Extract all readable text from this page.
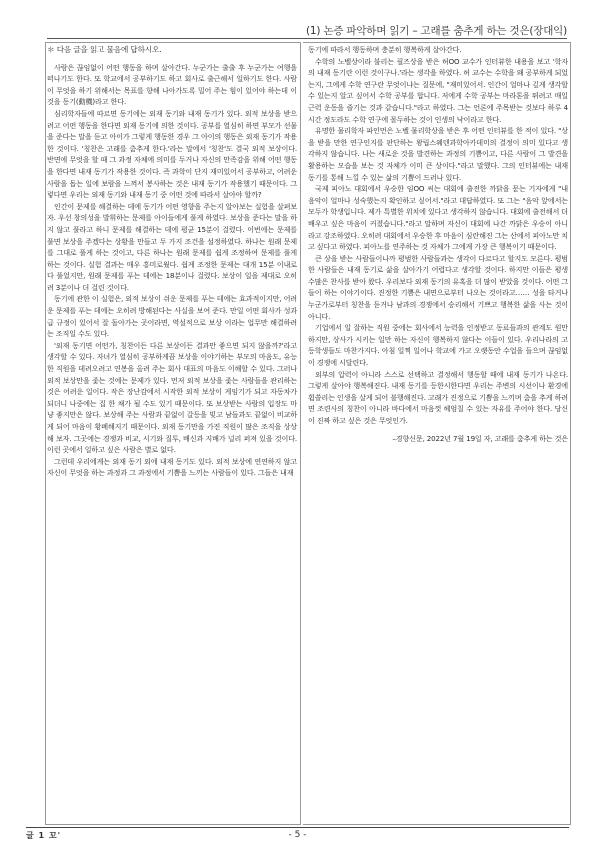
(1) 논증 파악하며 읽기 – 고래를 춤추게 하는 것은(장대익)

＊ 다음 글을 읽고 물음에 답하시오.

사람은 끊임없이 어떤 행동을 하며 살아간다. 누군가는 출출 후 누군가는 여행을 떠나기도 한다. 또 학교에서 공부하기도 하고 회사로 출근해서 일하기도 한다. 사람이 무엇을 하기 위해서는 목표를 향해 나아가도록 밀어 주는 힘이 있어야 하는데 이것을 동기(動機)라고 한다.

심리학자들에 따르면 동기에는 외재 동기와 내재 동기가 있다. 외적 보상을 받으려고 어떤 행동을 한다면 외재 동기에 의한 것이다. 공부를 열심히 하면 부모가 선물을 준다는 말을 듣고 아이가 그렇게 행동한 경우 그 아이의 행동은 외재 동기가 작용한 것이다. '칭찬은 고래를 춤추게 한다.'라는 말에서 '칭찬'도 결국 외적 보상이다. 반면에 무엇을 할 때 그 과정 자체에 의미를 두거나 자신의 만족감을 위해 어떤 행동을 한다면 내재 동기가 작용한 것이다. 즉 과학이 단지 재미있어서 공부하고, 어려운 사람을 돕는 일에 보람을 느껴서 봉사하는 것은 내재 동기가 작용했기 때문이다. 그렇다면 우리는 외재 동기와 내재 동기 중 어떤 것에 따라서 살아야 할까?

인간이 문제를 해결하는 데에 동기가 어떤 영향을 주는지 알아보는 실험을 살펴보자. 우선 창의성을 발휘하는 문제를 아이들에게 풀게 하였다. 보상을 준다는 말을 하지 않고 풀라고 하니 문제를 해결하는 데에 평균 15분이 걸렸다. 이번에는 문제를 풀면 보상을 주겠다는 상황을 만들고 두 가지 조건을 설정하였다. 하나는 원래 문제를 그대로 풀게 하는 것이고, 다른 하나는 원래 문제를 쉽게 조정하여 문제를 풀게 하는 것이다. 실험 결과는 매우 흥미로웠다. 쉽게 조정한 문제는 대개 15분 이내로 다 풀었지만, 원래 문제를 푸는 데에는 18분이나 걸렸다. 보상이 일을 제대로 오히려 3분이나 더 걸린 것이다.

동기에 관한 이 실험은, 외적 보상이 쉬운 문제를 푸는 데에는 효과적이지만, 어려운 문제를 푸는 데에는 오히려 방해된다는 사실을 보여 준다. 만일 어떤 회사가 성과급 규정이 있어서 잘 돌아가는 곳이라면, 역설적으로 보상 이라는 업무만 해결하려는 조직일 수도 있다.

'외재 동기면 어떤가, 칭찬이든 다른 보상이든 결과만 좋으면 되지 않을까?'라고 생각할 수 있다. 자녀가 열심히 공부하게끔 보상을 이야기하는 부모의 마음도, 유능한 직원을 데려오려고 연봉을 올려 주는 회사 대표의 마음도 이해할 수 있다. 그러나 외적 보상만을 좇는 것에는 문제가 있다. 먼저 외적 보상을 좇는 사람들을 관리하는 것은 어려운 일이다. 작은 장난감에서 시작한 외적 보상이 게임기가 되고 자동차가 되더니 나중에는 집 한 채가 될 수도 있기 때문이다. 또 보상받는 사람의 입장도 마냥 좋지만은 않다. 보상해 주는 사람과 끝없이 갈등을 빚고 남들과도 끝없이 비교하게 되어 마음이 황폐해지기 때문이다. 외재 동기만을 가진 직원이 많은 조직을 상상해 보자. 그곳에는 경쟁과 비교, 시기와 질투, 배신과 지배가 널리 퍼져 있을 것이다. 이런 곳에서 일하고 싶은 사람은 별로 없다.

그런데 우리에게는 외재 동기 외에 내재 동기도 있다. 외적 보상에 연연하지 않고 자신이 무엇을 하는 과정과 그 과정에서 기쁨을 느끼는 사람들이 있다. 그들은 내재

동기에 따라서 행동하며 충분히 행복하게 살아간다.

수학의 노벨상이라 불리는 필즈상을 받은 허OO 교수가 인터뷰한 내용을 보고 '학자의 내재 동기란 이런 것이구나.'라는 생각을 하였다. 허 교수는 수학을 왜 공부하게 되었는지, 그에게 수학 연구란 무엇이냐는 질문에, "재미있어서. 인간이 얼마나 깊게 생각할 수 있는지 알고 싶어서 수학 공부를 합니다. 저에게 수학 공부는 마라톤을 뛰려고 매일 근력 운동을 즐기는 것과 같습니다."라고 하였다. 그는 언론에 주목받는 것보다 하루 4시간 정도라도 수학 연구에 몰두하는 것이 인생의 낙이라고 한다.

유명한 물리학자 파인먼은 노벨 물리학상을 받은 후 어떤 인터뷰를 한 적이 있다. "상을 받을 만한 연구인지를 판단하는 왕립스웨덴과학아카데미의 결정이 의미 있다고 생각하지 않습니다. 나는 새로운 것을 발견하는 과정의 기쁨이고, 다른 사람이 그 발견을 활용하는 모습을 보는 것 자체가 이미 큰 상이다."라고 말했다. 그의 인터뷰에는 내재 동기를 통해 느낄 수 있는 삶의 기쁨이 드러나 있다.

국제 피아노 대회에서 우승한 임OO 씨는 대회에 출전한 까닭을 묻는 기자에게 "내 음악이 얼마나 성숙했는지 확인하고 싶어서."라고 대답하였다. 또 그는 "음악 앞에서는 모두가 학생입니다. 제가 특별한 위치에 있다고 생각하지 않습니다. 대회에 출전해서 더 배우고 싶은 마음이 커졌습니다."라고 말하며 자신이 대회에 나간 까닭은 우승이 아니라고 강조하였다. 오히려 대회에서 우승한 후 마음이 심란해진 그는 산에서 피아노만 치고 싶다고 하였다. 피아노를 연주하는 것 자체가 그에게 가장 큰 행복이기 때문이다.

큰 상을 받는 사람들이나까 평범한 사람들과는 생각이 다르다고 할지도 모른다. 평범한 사람들은 내재 동기로 삶을 살아가기 어렵다고 생각할 것이다. 하지만 이들은 평생 수많은 찬사를 받아 왔다. 우리보다 외재 동기의 유혹을 더 많이 받았을 것이다. 어떤 그들이 하는 이야기이다. 진정한 기쁨은 내면으로부터 나오는 것이라고…… 성을 타거나 누군가로부터 칭찬을 듣거나 남과의 경쟁에서 승리해서 기쁘고 행복한 삶을 사는 것이 아니다.

기업에서 일 잘하는 직원 중에는 회사에서 능력을 인정받고 동료들과의 관계도 원만하지만, 상사가 시키는 일만 하는 자신이 행복하지 않다는 이들이 있다. 우리나라의 고등학생들도 마찬가지다. 아침 일찍 일어나 학교에 가고 오랫동안 수업을 들으며 끊임없이 경쟁에 시달린다.

외부의 압력이 아니라 스스로 선택하고 결정해서 행동할 때에 내재 동기가 나온다. 그렇게 살아야 행복해진다. 내재 동기를 등한시한다면 우리는 주변의 시선이나 환경에 휩쓸리는 인생을 살게 되어 불행해진다. 고래가 진정으로 기쁨을 느끼며 춤을 추게 하려면 조련사의 칭찬이 아니라 바다에서 마음껏 헤엄칠 수 있는 자유를 주어야 한다. 당신이 진짜 하고 싶은 것은 무엇인가.

–경향신문, 2022년 7월 19일 자, 고래를 춤추게 하는 것은

글 1 꼬'	- 5 -
